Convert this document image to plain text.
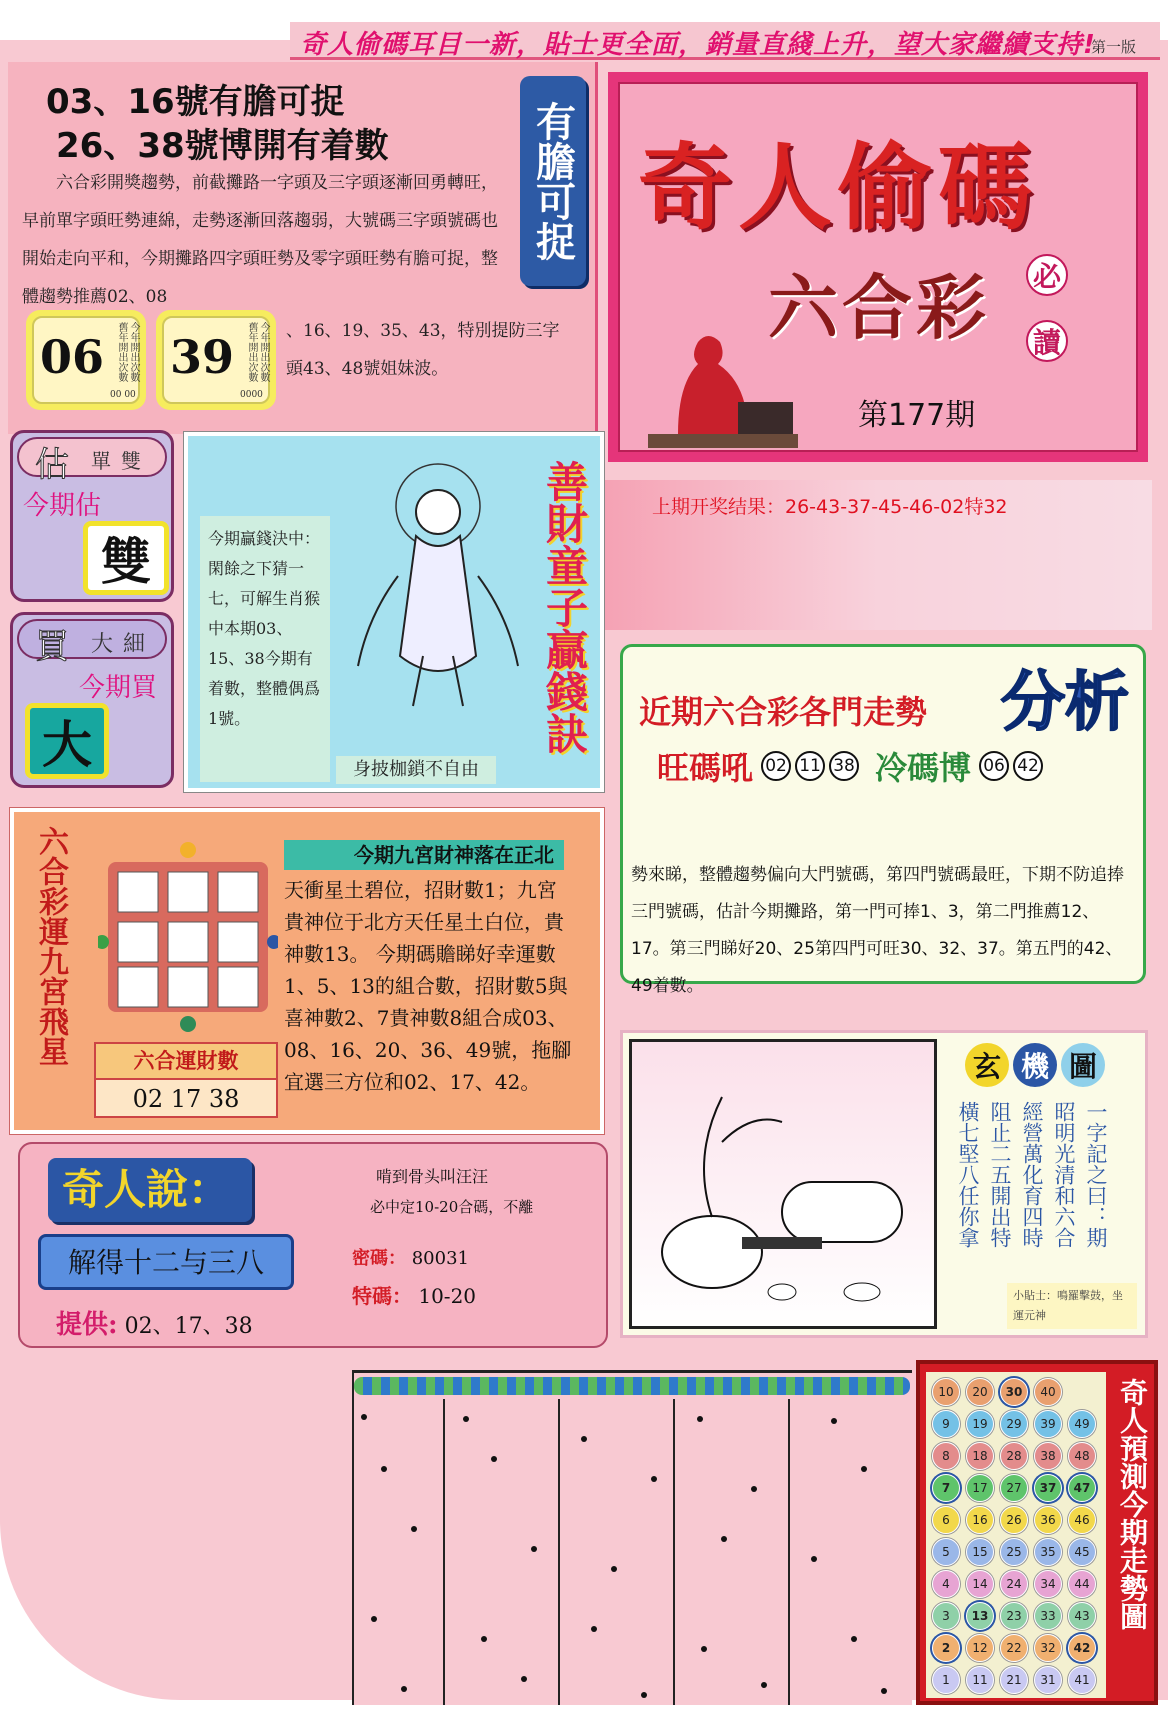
奇人偷碼耳目一新，貼士更全面，銷量直綫上升，望大家繼續支持!
第一版
03、16號有膽可捉
26、38號博開有着數
六合彩開獎趨勢，前截攤路一字頭及三字頭逐漸回勇轉旺，早前單字頭旺勢連綿，走勢逐漸回落趨弱，大號碼三字頭號碼也開始走向平和，今期攤路四字頭旺勢及零字頭旺勢有膽可捉，整體趨勢推薦02、08
有膽可捉
06 舊年開出次數 今年開出次數
00 00
39 舊年開出次數 今年開出次數
0000
、16、19、35、43，特別提防三字頭43、48號姐妹波。
奇人偷碼
六合彩 必
讀
第177期
上期开奖结果：26-43-37-45-46-02特32
估 單雙
今期估
雙
買 大細
今期買
大
今期贏錢決中：閑餘之下猜一七，可解生肖猴中本期03、15、38今期有着數，整體偶爲1號。
身披枷鎖不自由
善財童子贏錢訣 近期六合彩各門走勢 分析
旺碼吼 02 11 38 冷碼博 06 42
勢來睇，整體趨勢偏向大門號碼，第四門號碼最旺，下期不防追捧三門號碼，估計今期攤路，第一門可捧1、3，第二門推薦12、17。第三門睇好20、25第四門可旺30、32、37。第五門的42、49着數。
六合彩運九宮飛星	六合運財數
02 17 38
今期九宮財神落在正北
天衝星土碧位，招財數1；九宮貴神位于北方天任星土白位，貴神數13。 今期碼贍睇好幸運數1、5、13的組合數，招財數5與喜神數2、7貴神數8組合成03、08、16、20、36、49號，拖腳宜選三方位和02、17、42。	玄 機 圖
一字記之曰：期
昭明光清和六合
經營萬化育四時
阻止二五開出特
橫七堅八任你拿
小貼士：鳴羅擊鼓，坐運元神
奇人說：
解得十二与三八
提供: 02、17、38
啃到骨头叫汪汪
必中定10-20合碼，不離
密碼： 80031
特碼： 10-20
10
9
8
7
6
5
4
3
2
1
20
19
18
17
16
15
14
13
12
11
30
29
28
27
26
25
24
23
22
21
40
39
38
37
36
35
34
33
32
31
49
48
47
46
45
44
43
42
41
奇人預測今期走勢圖
